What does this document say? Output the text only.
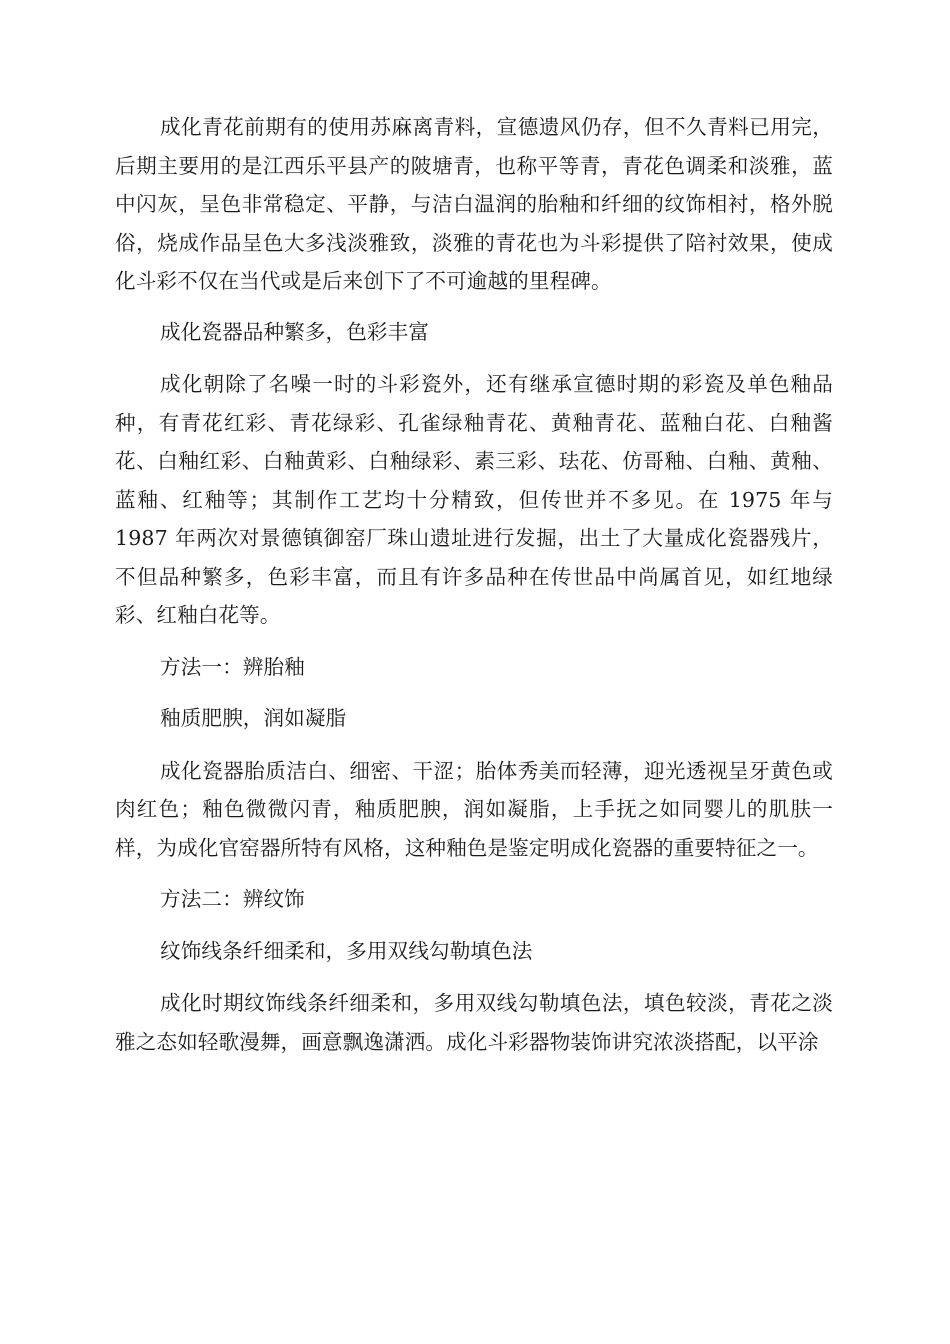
成化青花前期有的使用苏麻离青料，宣德遗风仍存，但不久青料已用完，后期主要用的是江西乐平县产的陂塘青，也称平等青，青花色调柔和淡雅，蓝中闪灰，呈色非常稳定、平静，与洁白温润的胎釉和纤细的纹饰相衬，格外脱俗，烧成作品呈色大多浅淡雅致，淡雅的青花也为斗彩提供了陪衬效果，使成化斗彩不仅在当代或是后来创下了不可逾越的里程碑。

成化瓷器品种繁多，色彩丰富

成化朝除了名噪一时的斗彩瓷外，还有继承宣德时期的彩瓷及单色釉品种，有青花红彩、青花绿彩、孔雀绿釉青花、黄釉青花、蓝釉白花、白釉酱花、白釉红彩、白釉黄彩、白釉绿彩、素三彩、珐花、仿哥釉、白釉、黄釉、蓝釉、红釉等；其制作工艺均十分精致，但传世并不多见。在 1975 年与 1987 年两次对景德镇御窑厂珠山遗址进行发掘，出土了大量成化瓷器残片，不但品种繁多，色彩丰富，而且有许多品种在传世品中尚属首见，如红地绿彩、红釉白花等。

方法一：辨胎釉

釉质肥腴，润如凝脂

成化瓷器胎质洁白、细密、干涩；胎体秀美而轻薄，迎光透视呈牙黄色或肉红色；釉色微微闪青，釉质肥腴，润如凝脂，上手抚之如同婴儿的肌肤一样，为成化官窑器所特有风格，这种釉色是鉴定明成化瓷器的重要特征之一。

方法二：辨纹饰

纹饰线条纤细柔和，多用双线勾勒填色法

成化时期纹饰线条纤细柔和，多用双线勾勒填色法，填色较淡，青花之淡雅之态如轻歌漫舞，画意飘逸潇洒。成化斗彩器物装饰讲究浓淡搭配，以平涂
